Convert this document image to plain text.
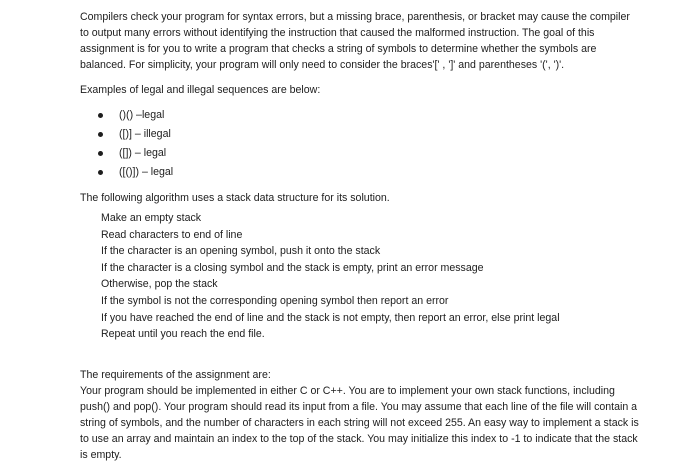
Compilers check your program for syntax errors, but a missing brace, parenthesis, or bracket may cause the compiler to output many errors without identifying the instruction that caused the malformed instruction. The goal of this assignment is for you to write a program that checks a string of symbols to determine whether the symbols are balanced. For simplicity, your program will only need to consider the braces'[' , ']' and parentheses '(', ')'.

Examples of legal and illegal sequences are below:

()() –legal
([)] – illegal
([]) – legal
([()]) – legal

The following algorithm uses a stack data structure for its solution.

Make an empty stack
Read characters to end of line
If the character is an opening symbol, push it onto the stack
If the character is a closing symbol and the stack is empty, print an error message
Otherwise, pop the stack
If the symbol is not the corresponding opening symbol then report an error
If you have reached the end of line and the stack is not empty, then report an error, else print legal
Repeat until you reach the end file.

The requirements of the assignment are:

Your program should be implemented in either C or C++. You are to implement your own stack functions, including push() and pop(). Your program should read its input from a file. You may assume that each line of the file will contain a string of symbols, and the number of characters in each string will not exceed 255. An easy way to implement a stack is to use an array and maintain an index to the top of the stack. You may initialize this index to -1 to indicate that the stack is empty.
